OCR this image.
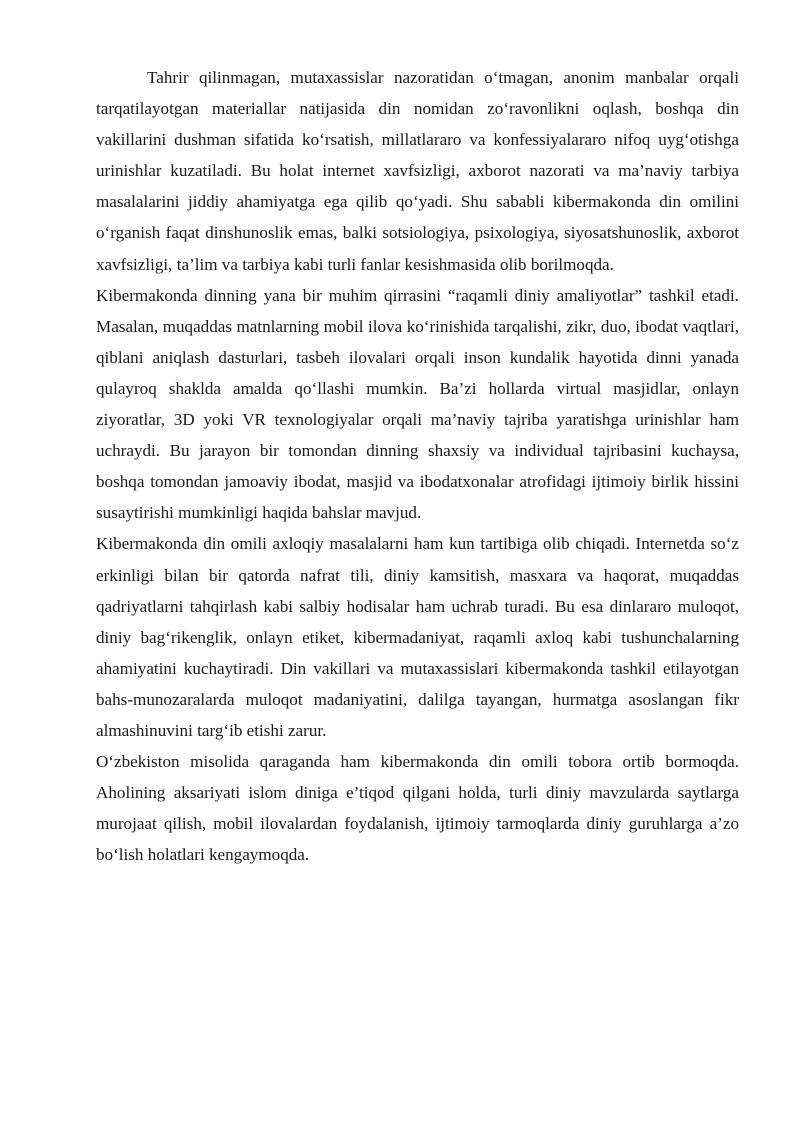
Tahrir qilinmagan, mutaxassislar nazoratidan o‘tmagan, anonim manbalar orqali tarqatilayotgan materiallar natijasida din nomidan zo‘ravonlikni oqlash, boshqa din vakillarini dushman sifatida ko‘rsatish, millatlararo va konfessiyalararo nifoq uyg‘otishga urinishlar kuzatiladi. Bu holat internet xavfsizligi, axborot nazorati va ma’naviy tarbiya masalalarini jiddiy ahamiyatga ega qilib qo‘yadi. Shu sababli kibermakonda din omilini o‘rganish faqat dinshunoslik emas, balki sotsiologiya, psixologiya, siyosatshunoslik, axborot xavfsizligi, ta’lim va tarbiya kabi turli fanlar kesishmasida olib borilmoqda.

Kibermakonda dinning yana bir muhim qirrasini “raqamli diniy amaliyotlar” tashkil etadi. Masalan, muqaddas matnlarning mobil ilova ko‘rinishida tarqalishi, zikr, duo, ibodat vaqtlari, qiblani aniqlash dasturlari, tasbeh ilovalari orqali inson kundalik hayotida dinni yanada qulayroq shaklda amalda qo‘llashi mumkin. Ba’zi hollarda virtual masjidlar, onlayn ziyoratlar, 3D yoki VR texnologiyalar orqali ma’naviy tajriba yaratishga urinishlar ham uchraydi. Bu jarayon bir tomondan dinning shaxsiy va individual tajribasini kuchaysa, boshqa tomondan jamoaviy ibodat, masjid va ibodatxonalar atrofidagi ijtimoiy birlik hissini susaytirishi mumkinligi haqida bahslar mavjud.

Kibermakonda din omili axloqiy masalalarni ham kun tartibiga olib chiqadi. Internetda so‘z erkinligi bilan bir qatorda nafrat tili, diniy kamsitish, masxara va haqorat, muqaddas qadriyatlarni tahqirlash kabi salbiy hodisalar ham uchrab turadi. Bu esa dinlararo muloqot, diniy bag‘rikenglik, onlayn etiket, kibermadaniyat, raqamli axloq kabi tushunchalarning ahamiyatini kuchaytiradi. Din vakillari va mutaxassislari kibermakonda tashkil etilayotgan bahs-munozaralarda muloqot madaniyatini, dalilga tayangan, hurmatga asoslangan fikr almashinuvini targ‘ib etishi zarur.

O‘zbekiston misolida qaraganda ham kibermakonda din omili tobora ortib bormoqda. Aholining aksariyati islom diniga e’tiqod qilgani holda, turli diniy mavzularda saytlarga murojaat qilish, mobil ilovalardan foydalanish, ijtimoiy tarmoqlarda diniy guruhlarga a’zo bo‘lish holatlari kengaymoqda.
